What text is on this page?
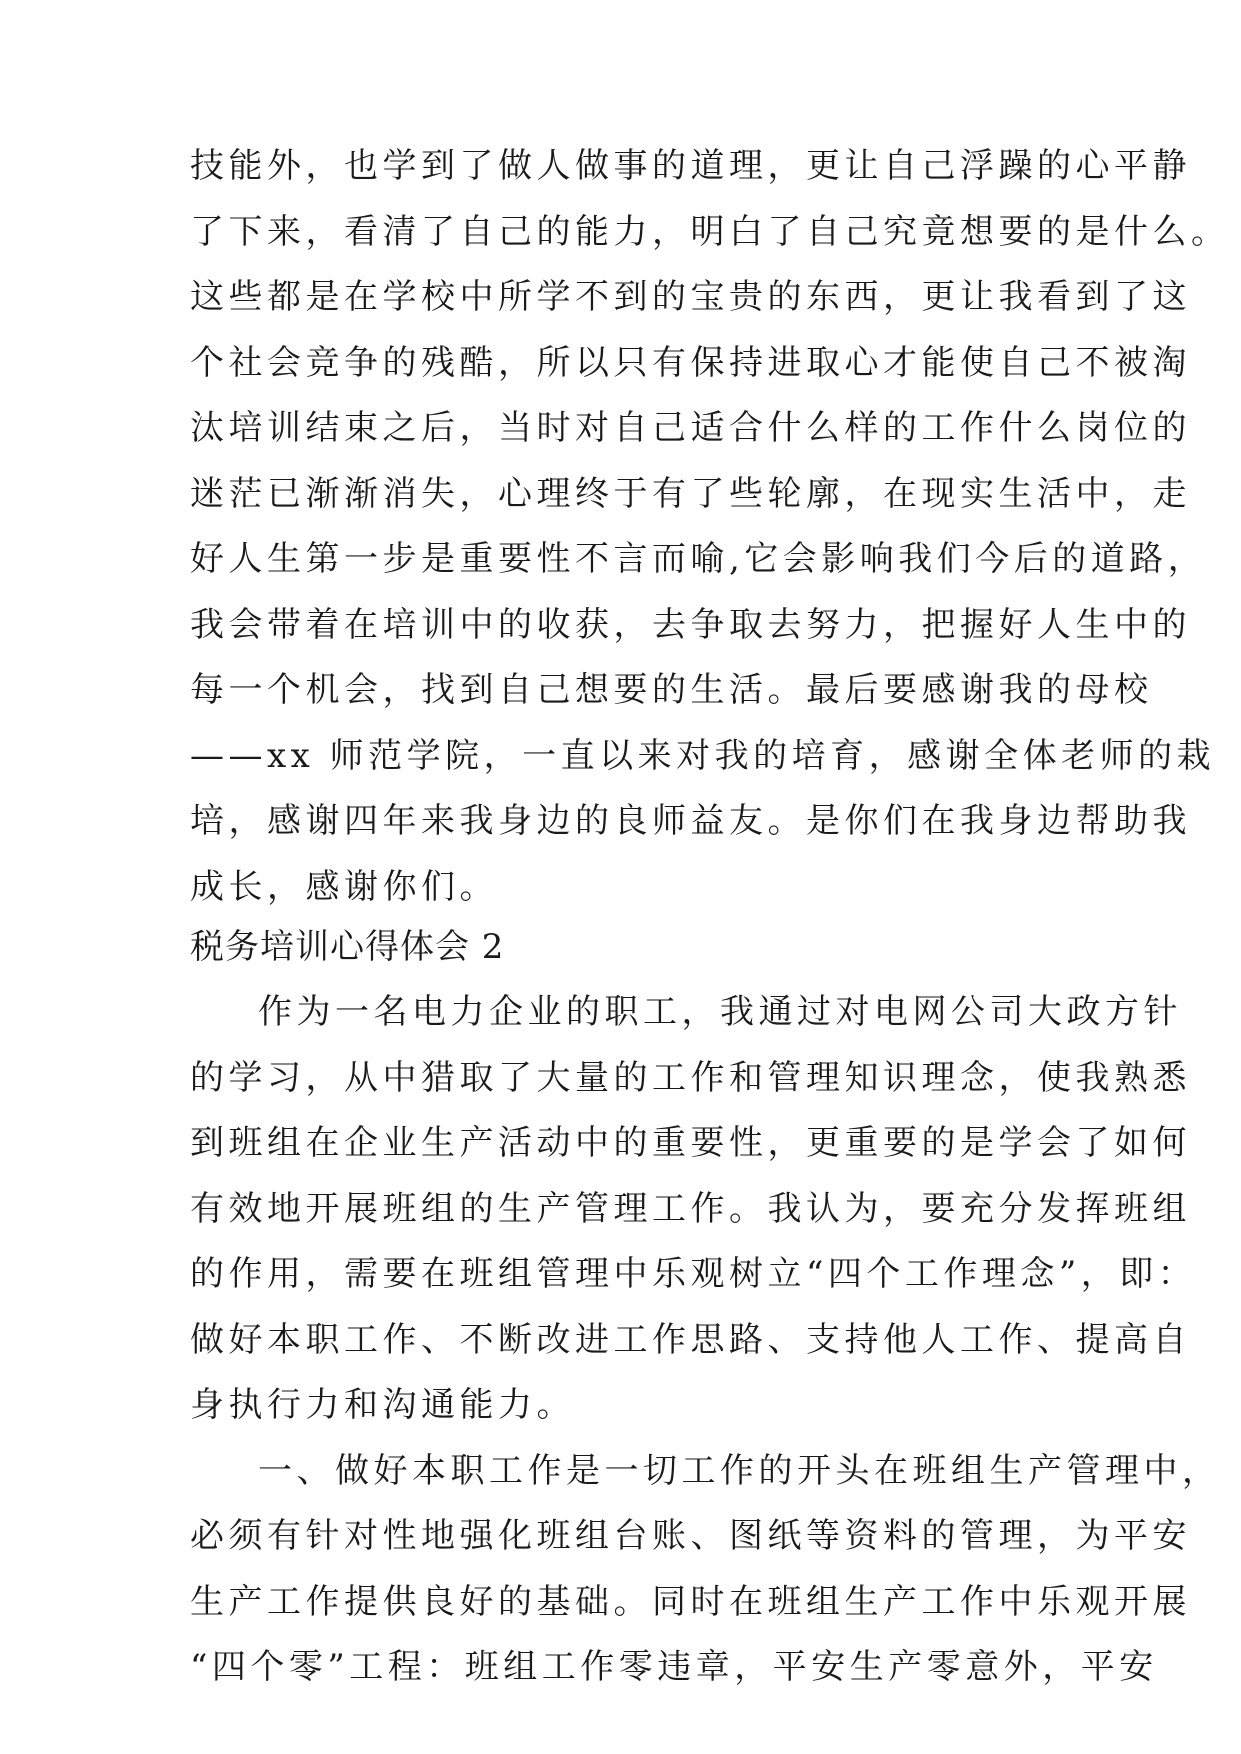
技能外，也学到了做人做事的道理，更让自己浮躁的心平静
了下来，看清了自己的能力，明白了自己究竟想要的是什么。
这些都是在学校中所学不到的宝贵的东西，更让我看到了这
个社会竞争的残酷，所以只有保持进取心才能使自己不被淘
汰培训结束之后，当时对自己适合什么样的工作什么岗位的
迷茫已渐渐消失，心理终于有了些轮廓，在现实生活中，走
好人生第一步是重要性不言而喻,它会影响我们今后的道路，
我会带着在培训中的收获，去争取去努力，把握好人生中的
每一个机会，找到自己想要的生活。最后要感谢我的母校
——xx 师范学院，一直以来对我的培育，感谢全体老师的栽
培，感谢四年来我身边的良师益友。是你们在我身边帮助我
成长，感谢你们。
税务培训心得体会 2
作为一名电力企业的职工，我通过对电网公司大政方针
的学习，从中猎取了大量的工作和管理知识理念，使我熟悉
到班组在企业生产活动中的重要性，更重要的是学会了如何
有效地开展班组的生产管理工作。我认为，要充分发挥班组
的作用，需要在班组管理中乐观树立“四个工作理念”，即：
做好本职工作、不断改进工作思路、支持他人工作、提高自
身执行力和沟通能力。
一、做好本职工作是一切工作的开头在班组生产管理中，
必须有针对性地强化班组台账、图纸等资料的管理，为平安
生产工作提供良好的基础。同时在班组生产工作中乐观开展
“四个零”工程：班组工作零违章，平安生产零意外，平安
